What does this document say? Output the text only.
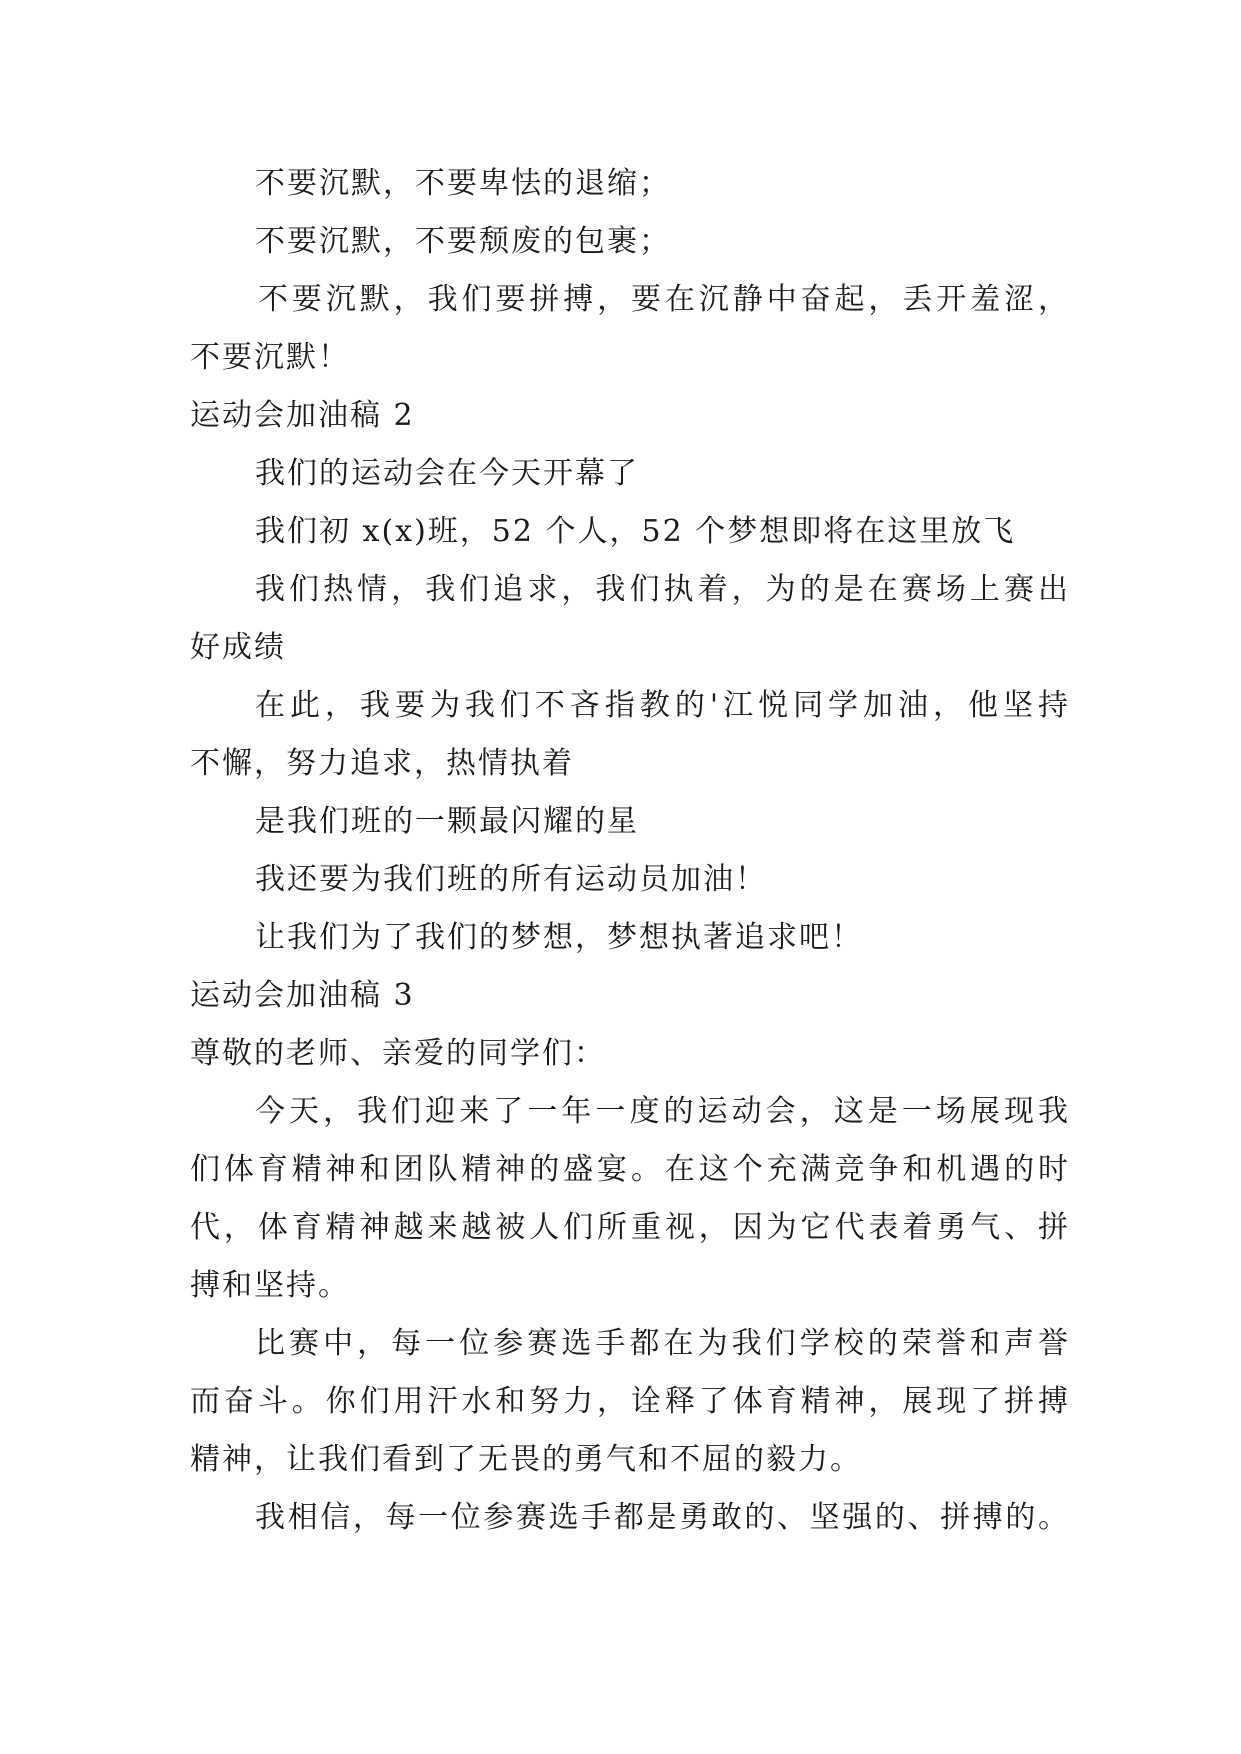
不要沉默，不要卑怯的退缩；
不要沉默，不要颓废的包裹；
不要沉默，我们要拼搏，要在沉静中奋起，丢开羞涩，
不要沉默！
运动会加油稿 2
我们的运动会在今天开幕了
我们初 x(x)班，52 个人，52 个梦想即将在这里放飞
我们热情，我们追求，我们执着，为的是在赛场上赛出
好成绩
在此，我要为我们不吝指教的'江悦同学加油，他坚持
不懈，努力追求，热情执着
是我们班的一颗最闪耀的星
我还要为我们班的所有运动员加油！
让我们为了我们的梦想，梦想执著追求吧！
运动会加油稿 3
尊敬的老师、亲爱的同学们：
今天，我们迎来了一年一度的运动会，这是一场展现我
们体育精神和团队精神的盛宴。在这个充满竞争和机遇的时
代，体育精神越来越被人们所重视，因为它代表着勇气、拼
搏和坚持。
比赛中，每一位参赛选手都在为我们学校的荣誉和声誉
而奋斗。你们用汗水和努力，诠释了体育精神，展现了拼搏
精神，让我们看到了无畏的勇气和不屈的毅力。
我相信，每一位参赛选手都是勇敢的、坚强的、拼搏的。
